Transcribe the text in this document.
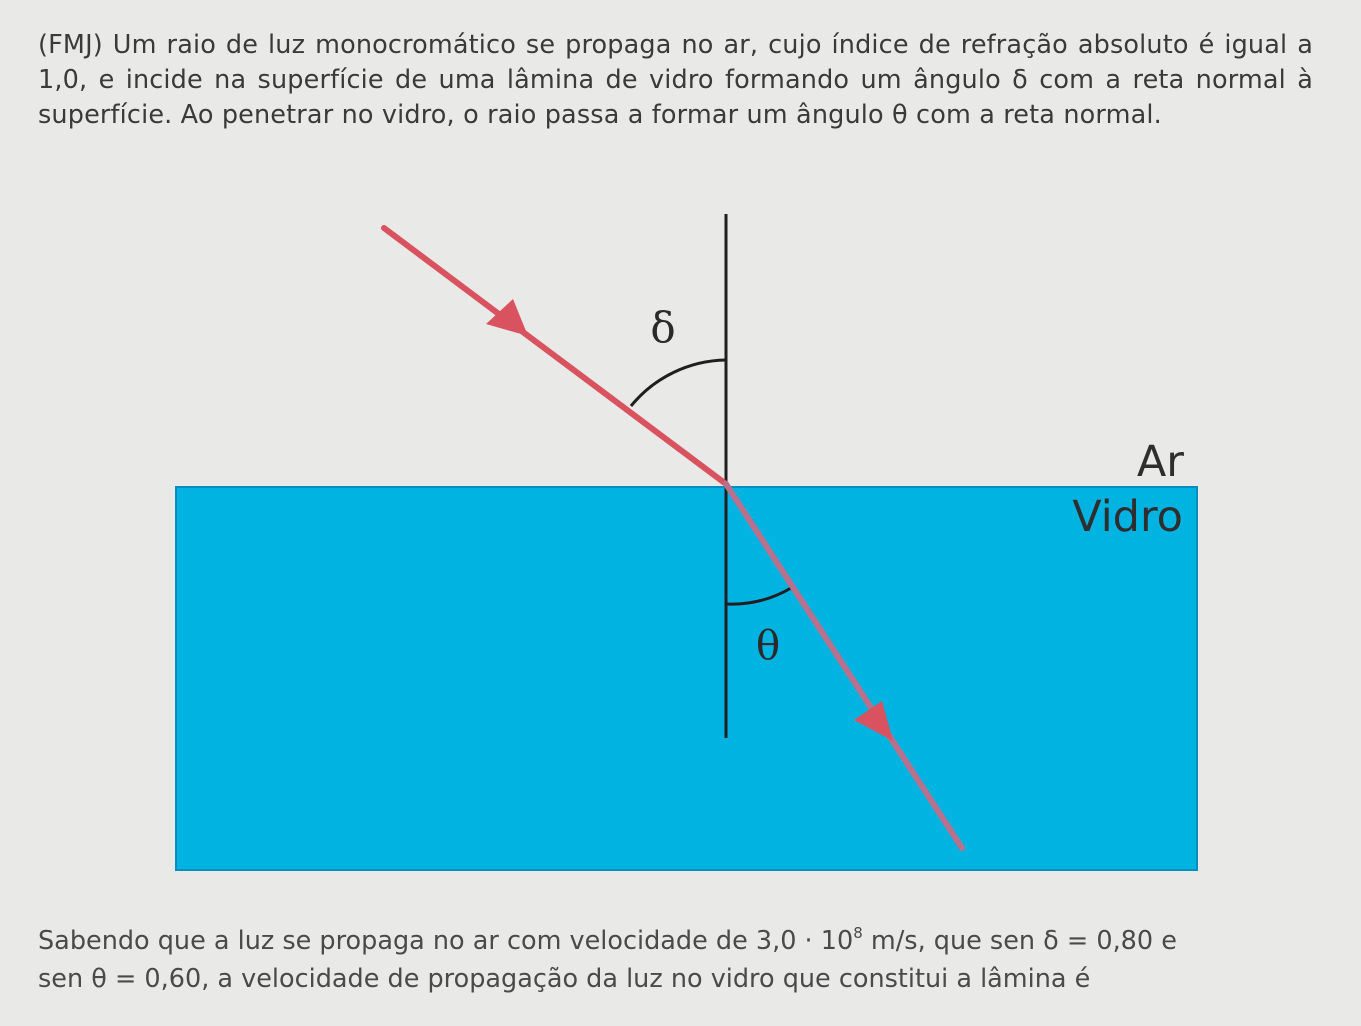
(FMJ) Um raio de luz monocromático se propaga no ar, cujo índice de refração absoluto é igual a 1,0, e incide na superfície de uma lâmina de vidro formando um ângulo δ com a reta normal à superfície. Ao penetrar no vidro, o raio passa a formar um ângulo θ com a reta normal.
δ
θ
Ar
Vidro

Sabendo que a luz se propaga no ar com velocidade de $3,0 \cdot 10^8$ m/s, que sen δ = 0,80 e

sen θ = 0,60, a velocidade de propagação da luz no vidro que constitui a lâmina é
